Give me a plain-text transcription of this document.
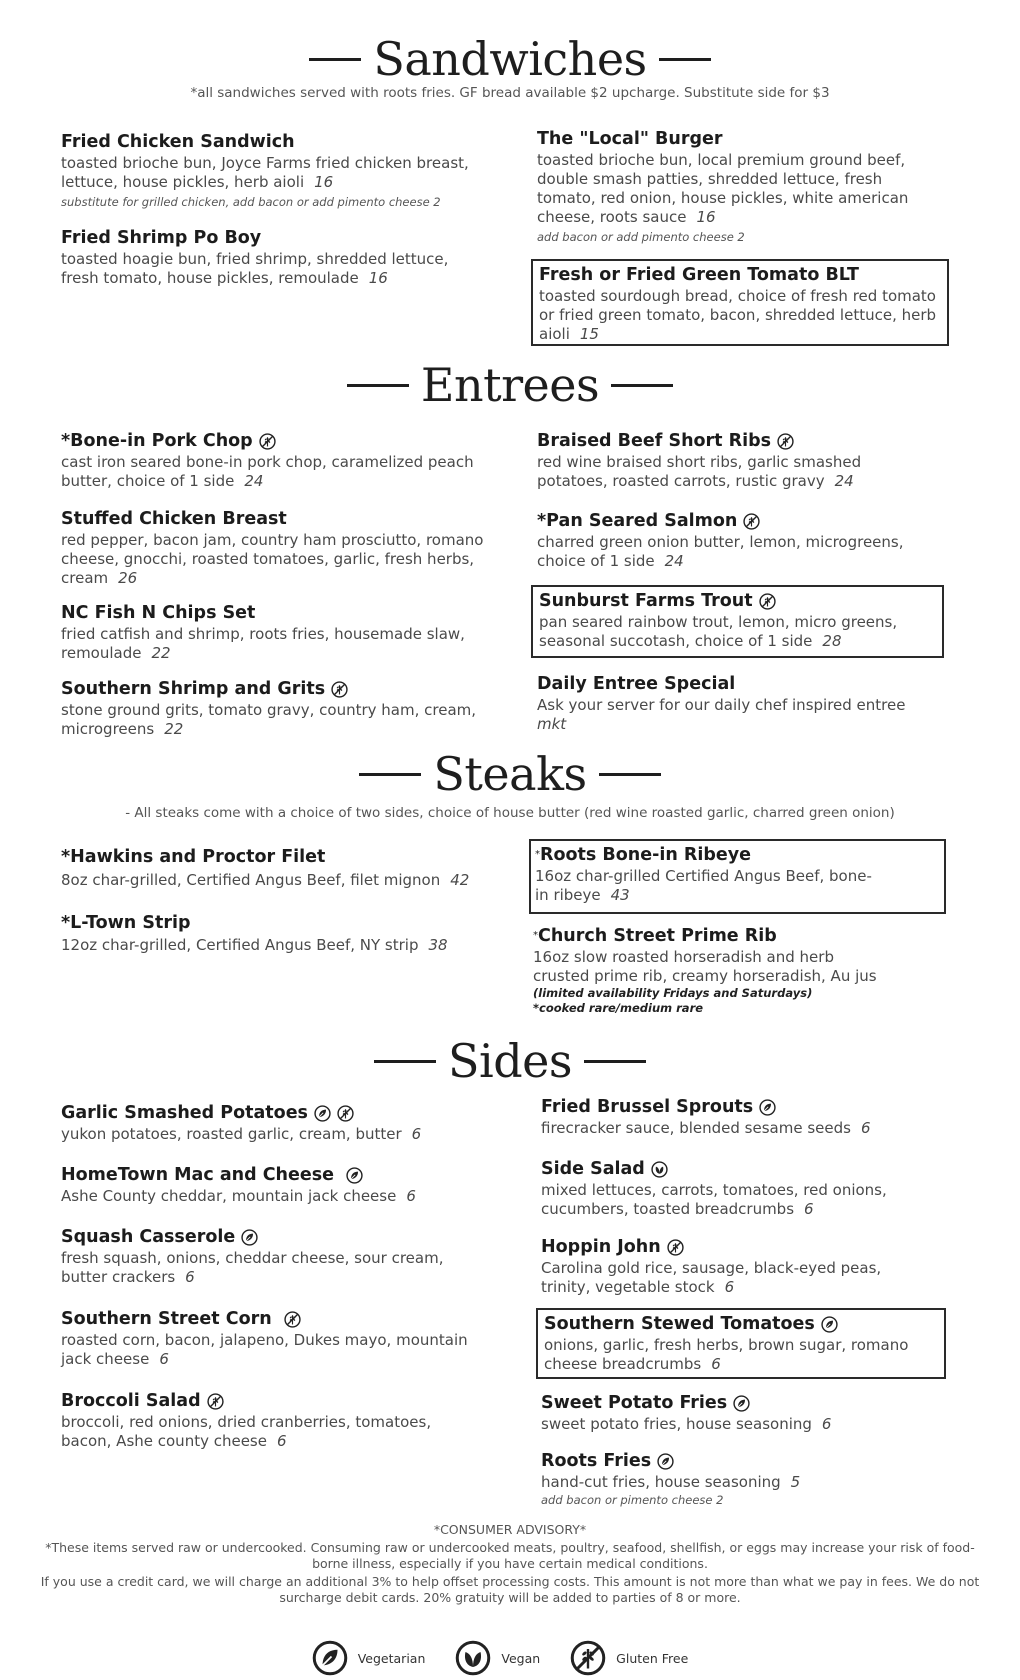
Sandwiches
*all sandwiches served with roots fries. GF bread available $2 upcharge. Substitute side for $3
Fried Chicken Sandwich
toasted brioche bun, Joyce Farms fried chicken breast, lettuce, house pickles, herb aioli 16
substitute for grilled chicken, add bacon or add pimento cheese 2
Fried Shrimp Po Boy
toasted hoagie bun, fried shrimp, shredded lettuce, fresh tomato, house pickles, remoulade 16
The "Local" Burger
toasted brioche bun, local premium ground beef, double smash patties, shredded lettuce, fresh tomato, red onion, house pickles, white american cheese, roots sauce 16
add bacon or add pimento cheese 2
Fresh or Fried Green Tomato BLT
toasted sourdough bread, choice of fresh red tomato or fried green tomato, bacon, shredded lettuce, herb aioli 15
Entrees
*Bone-in Pork Chop
cast iron seared bone-in pork chop, caramelized peach butter, choice of 1 side 24
Stuffed Chicken Breast
red pepper, bacon jam, country ham prosciutto, romano cheese, gnocchi, roasted tomatoes, garlic, fresh herbs, cream 26
NC Fish N Chips Set
fried catfish and shrimp, roots fries, housemade slaw, remoulade 22
Southern Shrimp and Grits
stone ground grits, tomato gravy, country ham, cream, microgreens 22
Braised Beef Short Ribs
red wine braised short ribs, garlic smashed potatoes, roasted carrots, rustic gravy 24
*Pan Seared Salmon
charred green onion butter, lemon, microgreens, choice of 1 side 24
Sunburst Farms Trout
pan seared rainbow trout, lemon, micro greens, seasonal succotash, choice of 1 side 28
Daily Entree Special
Ask your server for our daily chef inspired entree
mkt
Steaks
- All steaks come with a choice of two sides, choice of house butter (red wine roasted garlic, charred green onion)
*Hawkins and Proctor Filet
8oz char-grilled, Certified Angus Beef, filet mignon 42
*L-Town Strip
12oz char-grilled, Certified Angus Beef, NY strip 38
* Roots Bone-in Ribeye
16oz char-grilled Certified Angus Beef, bone-in ribeye 43
* Church Street Prime Rib
16oz slow roasted horseradish and herb crusted prime rib, creamy horseradish, Au jus
(limited availability Fridays and Saturdays)
*cooked rare/medium rare
Sides
Garlic Smashed Potatoes
yukon potatoes, roasted garlic, cream, butter 6
HomeTown Mac and Cheese
Ashe County cheddar, mountain jack cheese 6
Squash Casserole
fresh squash, onions, cheddar cheese, sour cream, butter crackers 6
Southern Street Corn
roasted corn, bacon, jalapeno, Dukes mayo, mountain jack cheese 6
Broccoli Salad
broccoli, red onions, dried cranberries, tomatoes, bacon, Ashe county cheese 6
Fried Brussel Sprouts
firecracker sauce, blended sesame seeds 6
Side Salad
mixed lettuces, carrots, tomatoes, red onions, cucumbers, toasted breadcrumbs 6
Hoppin John
Carolina gold rice, sausage, black-eyed peas, trinity, vegetable stock 6
Southern Stewed Tomatoes
onions, garlic, fresh herbs, brown sugar, romano cheese breadcrumbs 6
Sweet Potato Fries
sweet potato fries, house seasoning 6
Roots Fries
hand-cut fries, house seasoning 5
add bacon or pimento cheese 2
*CONSUMER ADVISORY*
*These items served raw or undercooked. Consuming raw or undercooked meats, poultry, seafood, shellfish, or eggs may increase your risk of food-borne illness, especially if you have certain medical conditions.
If you use a credit card, we will charge an additional 3% to help offset processing costs. This amount is not more than what we pay in fees. We do not surcharge debit cards. 20% gratuity will be added to parties of 8 or more.
Vegetarian	Vegan	Gluten Free
